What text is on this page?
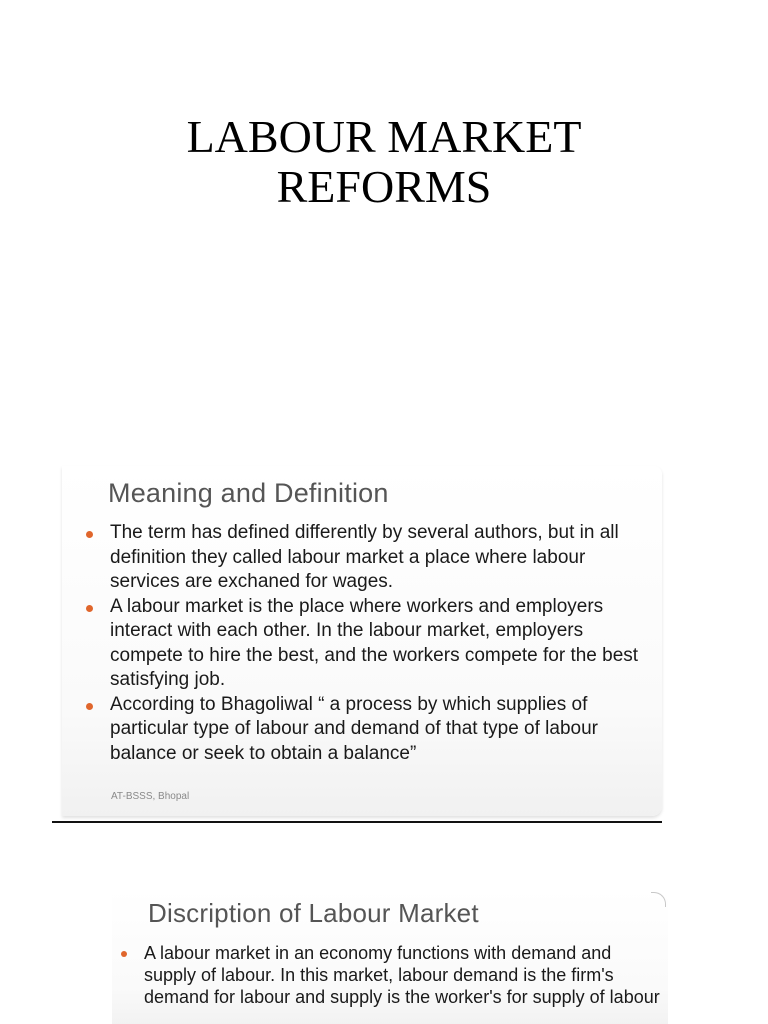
LABOUR MARKET
REFORMS
Meaning and Definition
The term has defined differently by several authors, but in all definition they called labour market a place where labour services are exchaned for wages.
A labour market is the place where workers and employers interact with each other. In the labour market, employers compete to hire the best, and the workers compete for the best satisfying job.
According to Bhagoliwal “ a process by which supplies of particular type of labour and demand of that type of labour balance or seek to obtain a balance”
AT-BSSS, Bhopal
Discription of Labour Market
A labour market in an economy functions with demand and supply of labour. In this market, labour demand is the firm's demand for labour and supply is the worker's for supply of labour
